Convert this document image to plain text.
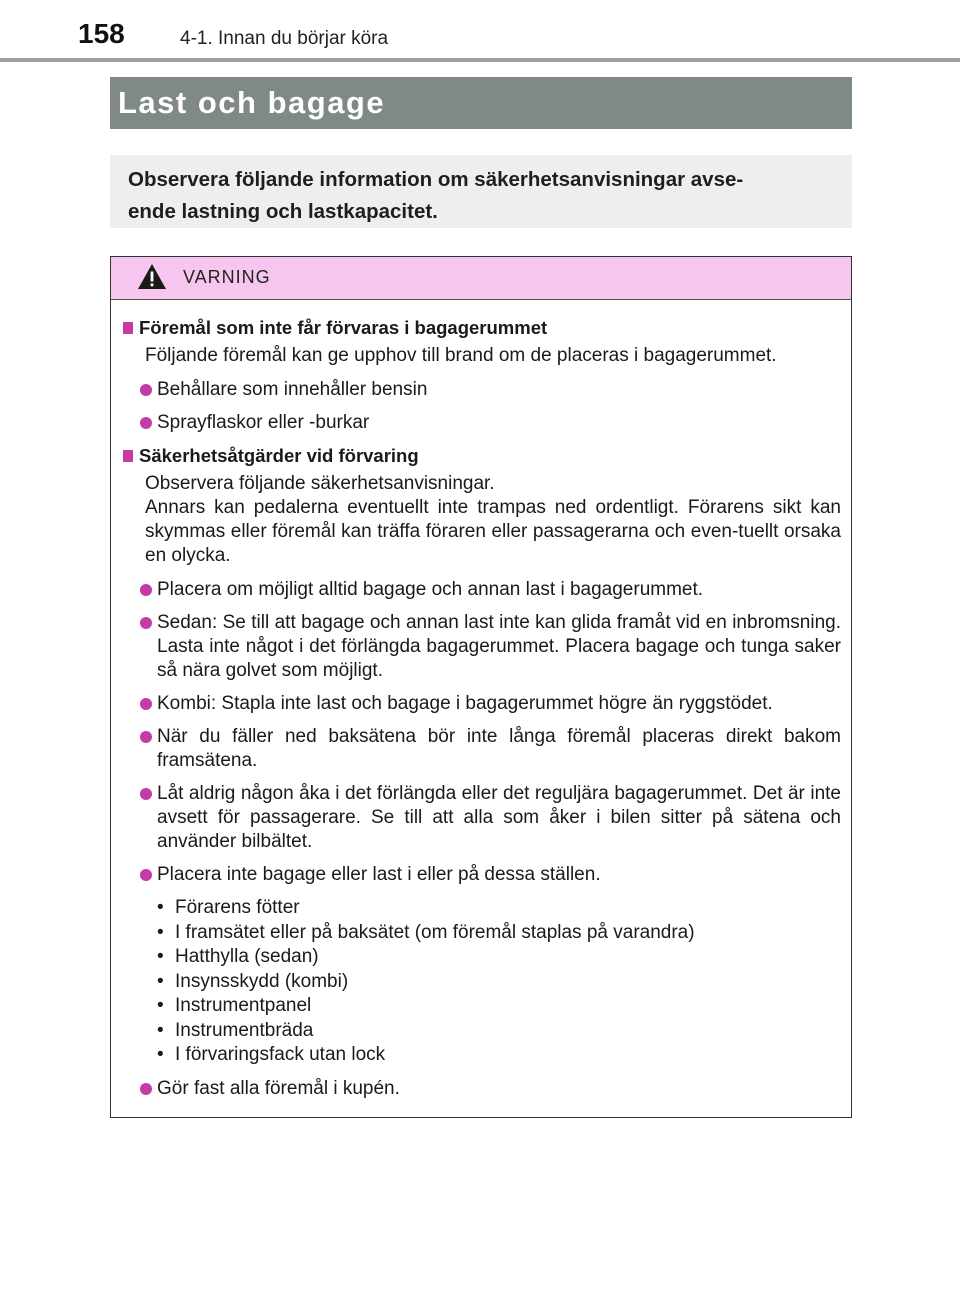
158	4-1. Innan du börjar köra
Last och bagage
Observera följande information om säkerhetsanvisningar avse-
ende lastning och lastkapacitet.
VARNING
Föremål som inte får förvaras i bagagerummet
Följande föremål kan ge upphov till brand om de placeras i bagagerummet.
Behållare som innehåller bensin
Sprayflaskor eller -burkar
Säkerhetsåtgärder vid förvaring
Observera följande säkerhetsanvisningar.
Annars kan pedalerna eventuellt inte trampas ned ordentligt. Förarens sikt kan skymmas eller föremål kan träffa föraren eller passagerarna och even-tuellt orsaka en olycka.
Placera om möjligt alltid bagage och annan last i bagagerummet.
Sedan: Se till att bagage och annan last inte kan glida framåt vid en inbromsning. Lasta inte något i det förlängda bagagerummet. Placera bagage och tunga saker så nära golvet som möjligt.
Kombi: Stapla inte last och bagage i bagagerummet högre än ryggstödet.
När du fäller ned baksätena bör inte långa föremål placeras direkt bakom framsätena.
Låt aldrig någon åka i det förlängda eller det reguljära bagagerummet. Det är inte avsett för passagerare. Se till att alla som åker i bilen sitter på sätena och använder bilbältet.
Placera inte bagage eller last i eller på dessa ställen.
• Förarens fötter
• I framsätet eller på baksätet (om föremål staplas på varandra)
• Hatthylla (sedan)
• Insynsskydd (kombi)
• Instrumentpanel
• Instrumentbräda
• I förvaringsfack utan lock
Gör fast alla föremål i kupén.
